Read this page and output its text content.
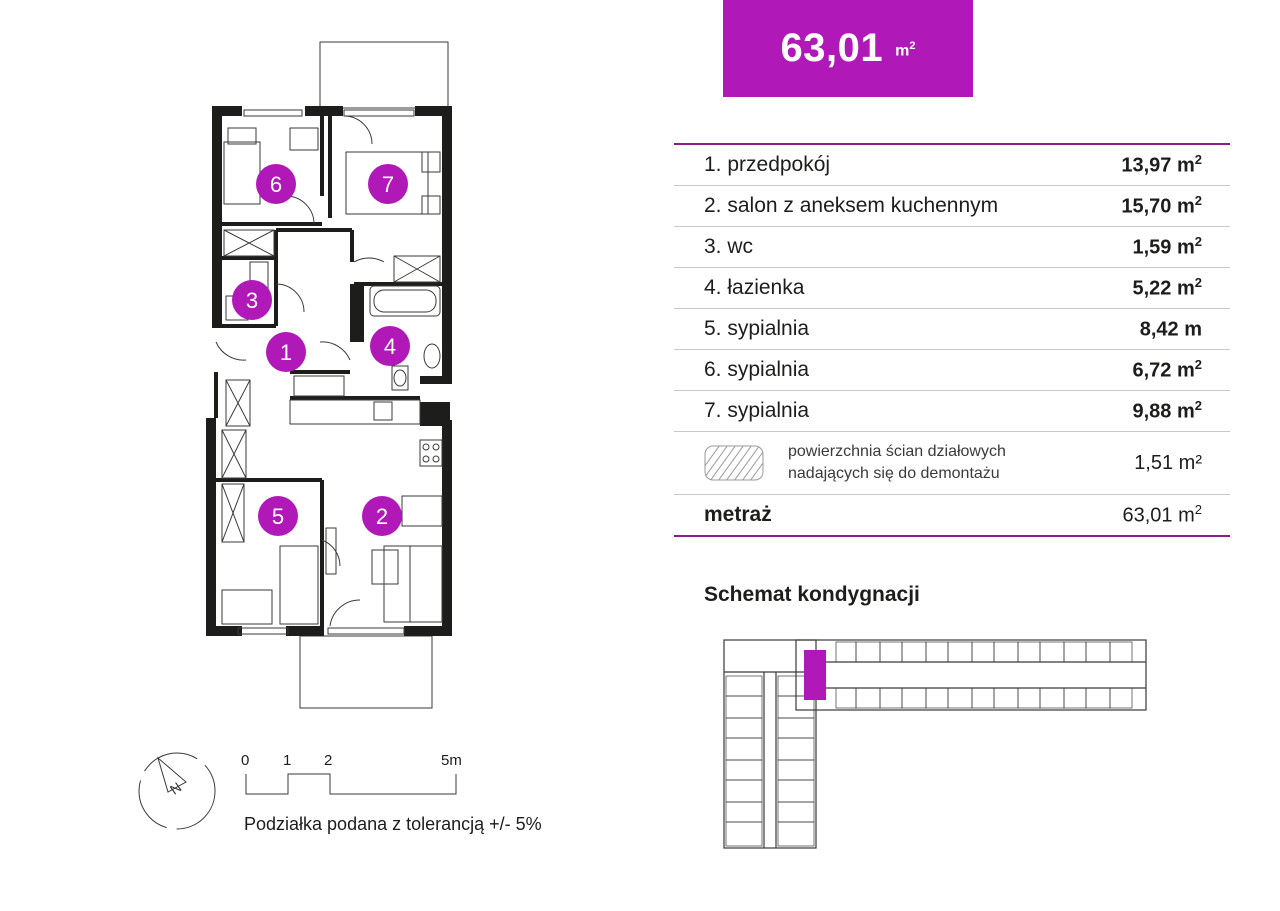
6	7
3
1	4
5	2
63,01 $m^2$
1. przedpokój	13,97 $m^2$
2. salon z aneksem kuchennym	15,70 $m^2$
3. wc	1,59 $m^2$
4. łazienka	5,22 $m^2$
5. sypialnia	8,42 m
6. sypialnia	6,72 $m^2$
7. sypialnia	9,88 $m^2$
powierzchnia ścian działowych
nadających się do demontażu	1,51 m²
metraż	63,01 $m^2$
Schemat kondygnacji
N
0 1 2	5m
Podziałka podana z tolerancją +/- 5%
